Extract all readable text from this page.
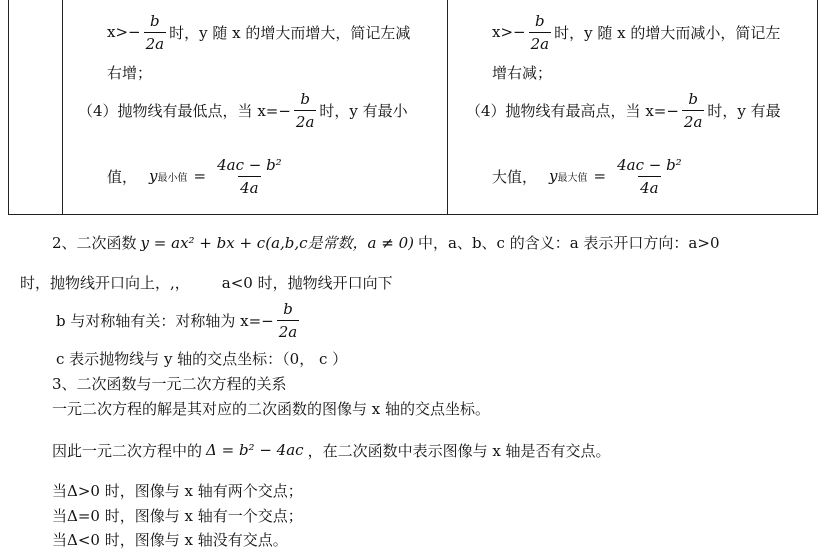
$x>- \frac{b}{2a}$ 时，y 随 x 的增大而增大，简记左减
右增；
（4）抛物线有最低点，当 $x=- \frac{b}{2a}$ 时，y 有最小
值， y 最小值 = $\frac{\text{4ac − b²}}{4a}$
$x>- \frac{b}{2a}$ 时，y 随 x 的增大而减小，简记左
增右减；
（4）抛物线有最高点，当 $x=- \frac{b}{2a}$ 时，y 有最
大值， y 最大值 = $\frac{\text{4ac − b²}}{4a}$
2、二次函数 y = ax² + bx + c(a,b,c是常数，a ≠ 0) 中，a、b、c 的含义：a 表示开口方向：a>0
时，抛物线开口向上，,， a<0 时，抛物线开口向下
b 与对称轴有关：对称轴为 $x=- \frac{b}{2a}$
c 表示抛物线与 y 轴的交点坐标：（0， c ）
3、二次函数与一元二次方程的关系
一元二次方程的解是其对应的二次函数的图像与 x 轴的交点坐标。
因此一元二次方程中的 Δ = b² − 4ac ，在二次函数中表示图像与 x 轴是否有交点。
当Δ>0 时，图像与 x 轴有两个交点；
当Δ=0 时，图像与 x 轴有一个交点；
当Δ<0 时，图像与 x 轴没有交点。
